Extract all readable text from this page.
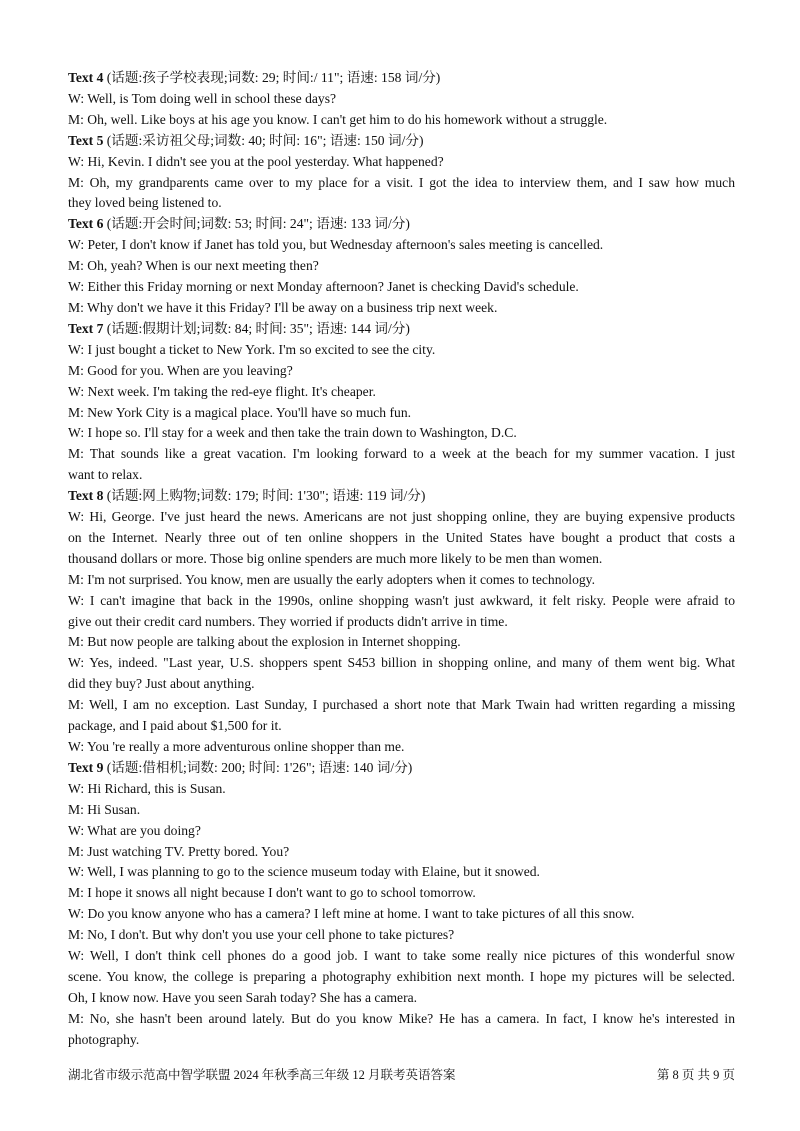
Text 4 (话题:孩子学校表现;词数: 29; 时间:/ 11"; 语速: 158 词/分)

W: Well, is Tom doing well in school these days?

M: Oh, well. Like boys at his age you know. I can't get him to do his homework without a struggle.

Text 5 (话题:采访祖父母;词数: 40; 时间: 16"; 语速: 150 词/分)

W: Hi, Kevin. I didn't see you at the pool yesterday. What happened?

M: Oh, my grandparents came over to my place for a visit. I got the idea to interview them, and I saw how much

they loved being listened to.

Text 6 (话题:开会时间;词数: 53; 时间: 24"; 语速: 133 词/分)

W: Peter, I don't know if Janet has told you, but Wednesday afternoon's sales meeting is cancelled.

M: Oh, yeah? When is our next meeting then?

W: Either this Friday morning or next Monday afternoon? Janet is checking David's schedule.

M: Why don't we have it this Friday? I'll be away on a business trip next week.

Text 7 (话题:假期计划;词数: 84; 时间: 35"; 语速: 144 词/分)

W: I just bought a ticket to New York. I'm so excited to see the city.

M: Good for you. When are you leaving?

W: Next week. I'm taking the red-eye flight. It's cheaper.

M: New York City is a magical place. You'll have so much fun.

W: I hope so. I'll stay for a week and then take the train down to Washington, D.C.

M: That sounds like a great vacation. I'm looking forward to a week at the beach for my summer vacation. I just

want to relax.

Text 8 (话题:网上购物;词数: 179; 时间: 1'30"; 语速: 119 词/分)

W: Hi, George. I've just heard the news. Americans are not just shopping online, they are buying expensive products

on the Internet. Nearly three out of ten online shoppers in the United States have bought a product that costs a

thousand dollars or more. Those big online spenders are much more likely to be men than women.

M: I'm not surprised. You know, men are usually the early adopters when it comes to technology.

W: I can't imagine that back in the 1990s, online shopping wasn't just awkward, it felt risky. People were afraid to

give out their credit card numbers. They worried if products didn't arrive in time.

M: But now people are talking about the explosion in Internet shopping.

W: Yes, indeed. "Last year, U.S. shoppers spent S453 billion in shopping online, and many of them went big. What

did they buy? Just about anything.

M: Well, I am no exception. Last Sunday, I purchased a short note that Mark Twain had written regarding a missing

package, and I paid about $1,500 for it.

W: You 're really a more adventurous online shopper than me.

Text 9 (话题:借相机;词数: 200; 时间: 1'26"; 语速: 140 词/分)

W: Hi Richard, this is Susan.

M: Hi Susan.

W: What are you doing?

M: Just watching TV. Pretty bored. You?

W: Well, I was planning to go to the science museum today with Elaine, but it snowed.

M: I hope it snows all night because I don't want to go to school tomorrow.

W: Do you know anyone who has a camera? I left mine at home. I want to take pictures of all this snow.

M: No, I don't. But why don't you use your cell phone to take pictures?

W: Well, I don't think cell phones do a good job. I want to take some really nice pictures of this wonderful snow

scene. You know, the college is preparing a photography exhibition next month. I hope my pictures will be selected.

Oh, I know now. Have you seen Sarah today? She has a camera.

M: No, she hasn't been around lately. But do you know Mike? He has a camera. In fact, I know he's interested in

photography.

湖北省市级示范高中智学联盟 2024 年秋季高三年级 12 月联考英语答案	第 8 页 共 9 页
